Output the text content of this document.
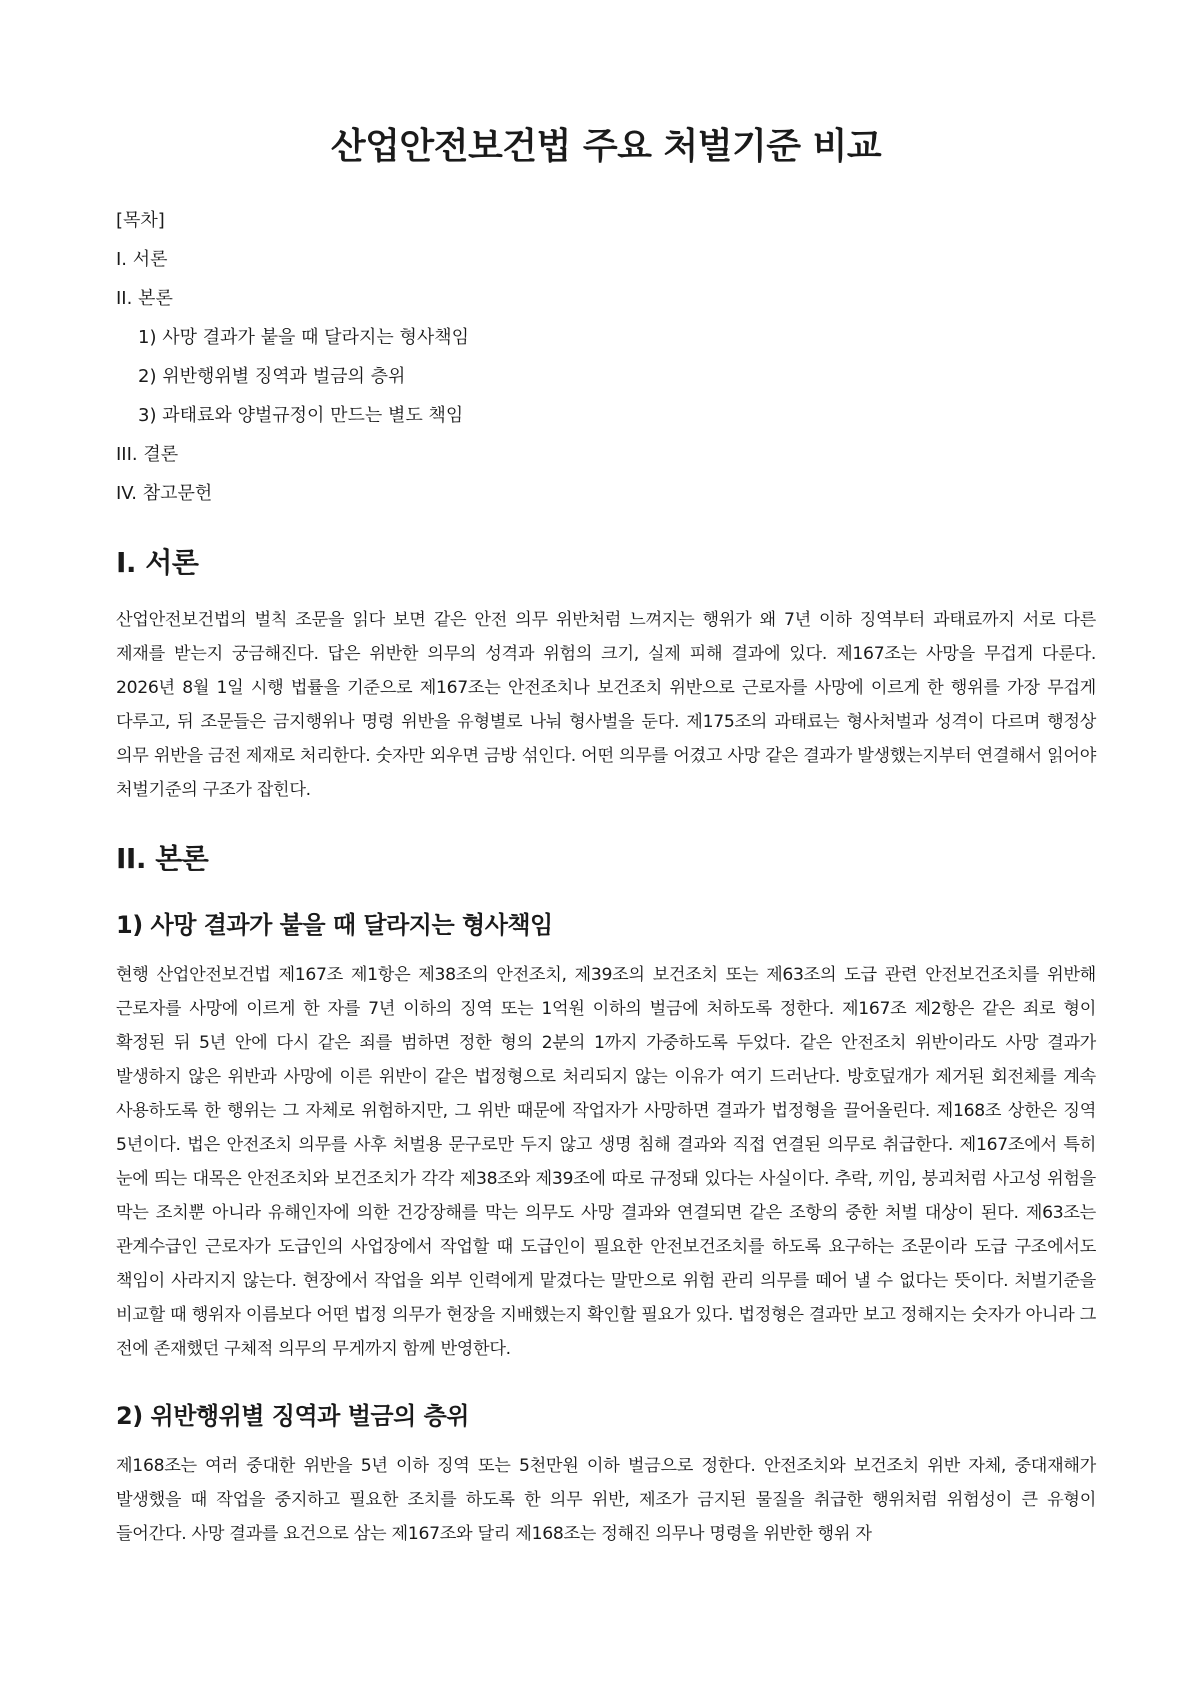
산업안전보건법 주요 처벌기준 비교
[목차]
I. 서론
II. 본론
1) 사망 결과가 붙을 때 달라지는 형사책임
2) 위반행위별 징역과 벌금의 층위
3) 과태료와 양벌규정이 만드는 별도 책임
III. 결론
IV. 참고문헌
I. 서론

산업안전보건법의 벌칙 조문을 읽다 보면 같은 안전 의무 위반처럼 느껴지는 행위가 왜 7년 이하 징역부터 과태료까지 서로 다른 제재를 받는지 궁금해진다. 답은 위반한 의무의 성격과 위험의 크기, 실제 피해 결과에 있다. 제167조는 사망을 무겁게 다룬다. 2026년 8월 1일 시행 법률을 기준으로 제167조는 안전조치나 보건조치 위반으로 근로자를 사망에 이르게 한 행위를 가장 무겁게 다루고, 뒤 조문들은 금지행위나 명령 위반을 유형별로 나눠 형사벌을 둔다. 제175조의 과태료는 형사처벌과 성격이 다르며 행정상 의무 위반을 금전 제재로 처리한다. 숫자만 외우면 금방 섞인다. 어떤 의무를 어겼고 사망 같은 결과가 발생했는지부터 연결해서 읽어야 처벌기준의 구조가 잡힌다.

II. 본론
1) 사망 결과가 붙을 때 달라지는 형사책임

현행 산업안전보건법 제167조 제1항은 제38조의 안전조치, 제39조의 보건조치 또는 제63조의 도급 관련 안전보건조치를 위반해 근로자를 사망에 이르게 한 자를 7년 이하의 징역 또는 1억원 이하의 벌금에 처하도록 정한다. 제167조 제2항은 같은 죄로 형이 확정된 뒤 5년 안에 다시 같은 죄를 범하면 정한 형의 2분의 1까지 가중하도록 두었다. 같은 안전조치 위반이라도 사망 결과가 발생하지 않은 위반과 사망에 이른 위반이 같은 법정형으로 처리되지 않는 이유가 여기 드러난다. 방호덮개가 제거된 회전체를 계속 사용하도록 한 행위는 그 자체로 위험하지만, 그 위반 때문에 작업자가 사망하면 결과가 법정형을 끌어올린다. 제168조 상한은 징역 5년이다. 법은 안전조치 의무를 사후 처벌용 문구로만 두지 않고 생명 침해 결과와 직접 연결된 의무로 취급한다. 제167조에서 특히 눈에 띄는 대목은 안전조치와 보건조치가 각각 제38조와 제39조에 따로 규정돼 있다는 사실이다. 추락, 끼임, 붕괴처럼 사고성 위험을 막는 조치뿐 아니라 유해인자에 의한 건강장해를 막는 의무도 사망 결과와 연결되면 같은 조항의 중한 처벌 대상이 된다. 제63조는 관계수급인 근로자가 도급인의 사업장에서 작업할 때 도급인이 필요한 안전보건조치를 하도록 요구하는 조문이라 도급 구조에서도 책임이 사라지지 않는다. 현장에서 작업을 외부 인력에게 맡겼다는 말만으로 위험 관리 의무를 떼어 낼 수 없다는 뜻이다. 처벌기준을 비교할 때 행위자 이름보다 어떤 법정 의무가 현장을 지배했는지 확인할 필요가 있다. 법정형은 결과만 보고 정해지는 숫자가 아니라 그 전에 존재했던 구체적 의무의 무게까지 함께 반영한다.

2) 위반행위별 징역과 벌금의 층위

제168조는 여러 중대한 위반을 5년 이하 징역 또는 5천만원 이하 벌금으로 정한다. 안전조치와 보건조치 위반 자체, 중대재해가 발생했을 때 작업을 중지하고 필요한 조치를 하도록 한 의무 위반, 제조가 금지된 물질을 취급한 행위처럼 위험성이 큰 유형이 들어간다. 사망 결과를 요건으로 삼는 제167조와 달리 제168조는 정해진 의무나 명령을 위반한 행위 자
